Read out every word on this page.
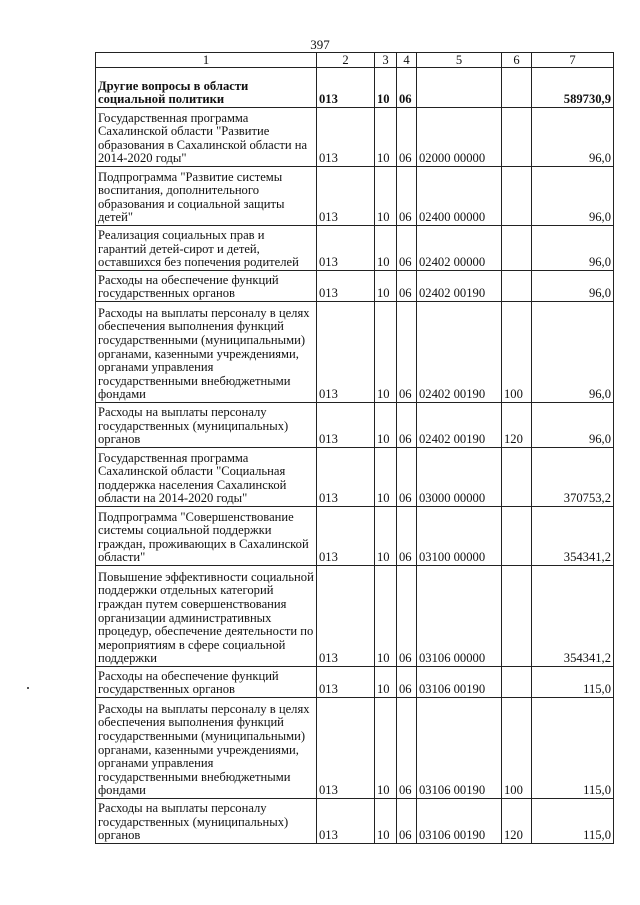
397
1	2	3	4	5	6	7
Другие вопросы в области социальной политики	013	10	06			589730,9
Государственная программа Сахалинской области "Развитие образования в Сахалинской области на 2014-2020 годы"	013	10	06	02000 00000		96,0
Подпрограмма "Развитие системы воспитания, дополнительного образования и социальной защиты детей"	013	10	06	02400 00000		96,0
Реализация социальных прав и гарантий детей-сирот и детей, оставшихся без попечения родителей	013	10	06	02402 00000		96,0
Расходы на обеспечение функций государственных органов	013	10	06	02402 00190		96,0
Расходы на выплаты персоналу в целях обеспечения выполнения функций государственными (муниципальными) органами, казенными учреждениями, органами управления государственными внебюджетными фондами	013	10	06	02402 00190	100	96,0
Расходы на выплаты персоналу государственных (муниципальных) органов	013	10	06	02402 00190	120	96,0
Государственная программа Сахалинской области "Социальная поддержка населения Сахалинской области на 2014-2020 годы"	013	10	06	03000 00000		370753,2
Подпрограмма "Совершенствование системы социальной поддержки граждан, проживающих в Сахалинской области"	013	10	06	03100 00000		354341,2
Повышение эффективности социальной поддержки отдельных категорий граждан путем совершенствования организации административных процедур, обеспечение деятельности по мероприятиям в сфере социальной поддержки	013	10	06	03106 00000		354341,2
Расходы на обеспечение функций государственных органов	013	10	06	03106 00190		115,0
Расходы на выплаты персоналу в целях обеспечения выполнения функций государственными (муниципальными) органами, казенными учреждениями, органами управления государственными внебюджетными фондами	013	10	06	03106 00190	100	115,0
Расходы на выплаты персоналу государственных (муниципальных) органов	013	10	06	03106 00190	120	115,0
